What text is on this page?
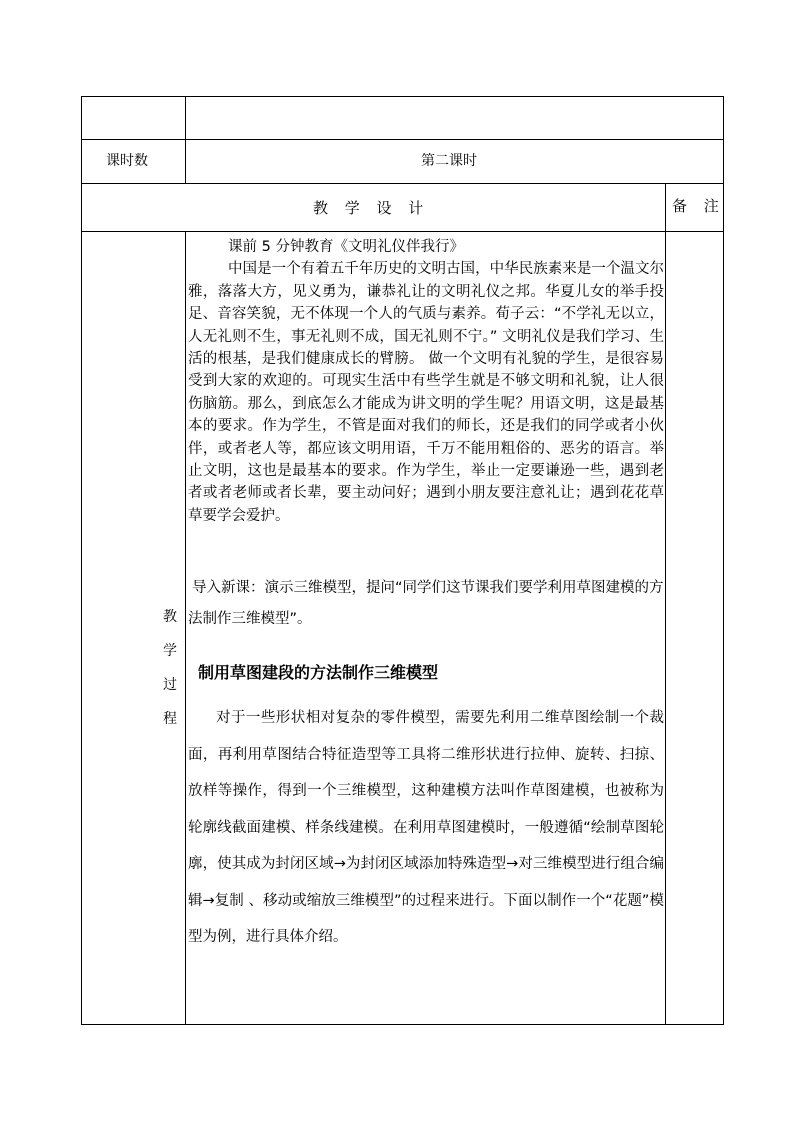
课时数	第二课时
教 学 设 计	备 注
教
学
过
程

课前 5 分钟教育《文明礼仪伴我行》

中国是一个有着五千年历史的文明古国，中华民族素来是一个温文尔雅，落落大方，见义勇为，谦恭礼让的文明礼仪之邦。华夏儿女的举手投足、音容笑貌，无不体现一个人的气质与素养。荀子云：“不学礼无以立，人无礼则不生，事无礼则不成，国无礼则不宁。” 文明礼仪是我们学习、生活的根基，是我们健康成长的臂膀。 做一个文明有礼貌的学生，是很容易受到大家的欢迎的。可现实生活中有些学生就是不够文明和礼貌，让人很伤脑筋。那么，到底怎么才能成为讲文明的学生呢？用语文明，这是最基本的要求。作为学生，不管是面对我们的师长，还是我们的同学或者小伙伴，或者老人等，都应该文明用语，千万不能用粗俗的、恶劣的语言。举止文明，这也是最基本的要求。作为学生，举止一定要谦逊一些，遇到老者或者老师或者长辈，要主动问好；遇到小朋友要注意礼让；遇到花花草草要学会爱护。

导入新课：演示三维模型，提问“同学们这节课我们要学利用草图建模的方法制作三维模型”。

制用草图建段的方法制作三维模型

对于一些形状相对复杂的零件模型，需要先利用二维草图绘制一个裁面，再利用草图结合特征造型等工具将二维形状进行拉伸、旋转、扫掠、放样等操作，得到一个三维模型，这种建模方法叫作草图建模，也被称为轮廓线截面建模、样条线建模。在利用草图建模时，一般遵循“绘制草图轮廓，使其成为封闭区域→为封闭区域添加特殊造型→对三维模型进行组合编辑→复制 、移动或缩放三维模型”的过程来进行。下面以制作一个“花题”模型为例，进行具体介绍。
